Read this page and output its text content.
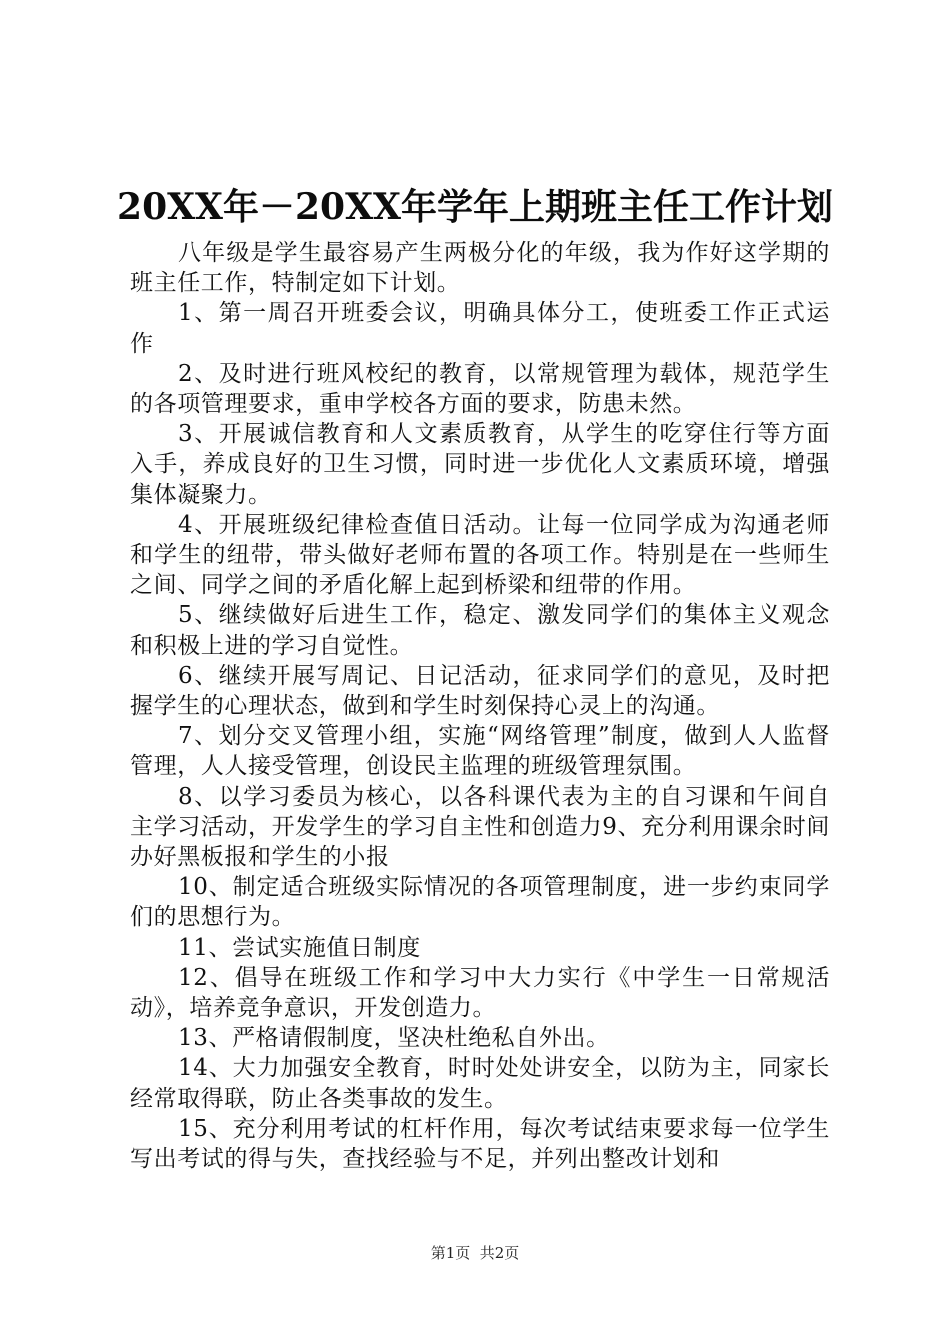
20XX年－20XX年学年上期班主任工作计划

八年级是学生最容易产生两极分化的年级，我为作好这学期的班主任工作，特制定如下计划。

1、第一周召开班委会议，明确具体分工，使班委工作正式运作

2、及时进行班风校纪的教育，以常规管理为载体，规范学生的各项管理要求，重申学校各方面的要求，防患未然。

3、开展诚信教育和人文素质教育，从学生的吃穿住行等方面入手，养成良好的卫生习惯，同时进一步优化人文素质环境，增强集体凝聚力。

4、开展班级纪律检查值日活动。让每一位同学成为沟通老师和学生的纽带，带头做好老师布置的各项工作。特别是在一些师生之间、同学之间的矛盾化解上起到桥梁和纽带的作用。

5、继续做好后进生工作，稳定、激发同学们的集体主义观念和积极上进的学习自觉性。

6、继续开展写周记、日记活动，征求同学们的意见，及时把握学生的心理状态，做到和学生时刻保持心灵上的沟通。

7、划分交叉管理小组，实施“网络管理”制度，做到人人监督管理，人人接受管理，创设民主监理的班级管理氛围。

8、以学习委员为核心，以各科课代表为主的自习课和午间自主学习活动，开发学生的学习自主性和创造力9、充分利用课余时间办好黑板报和学生的小报

10、制定适合班级实际情况的各项管理制度，进一步约束同学们的思想行为。

11、尝试实施值日制度

12、倡导在班级工作和学习中大力实行《中学生一日常规活动》，培养竞争意识，开发创造力。

13、严格请假制度，坚决杜绝私自外出。

14、大力加强安全教育，时时处处讲安全，以防为主，同家长经常取得联，防止各类事故的发生。

15、充分利用考试的杠杆作用，每次考试结束要求每一位学生写出考试的得与失，查找经验与不足，并列出整改计划和

第1页  共2页
